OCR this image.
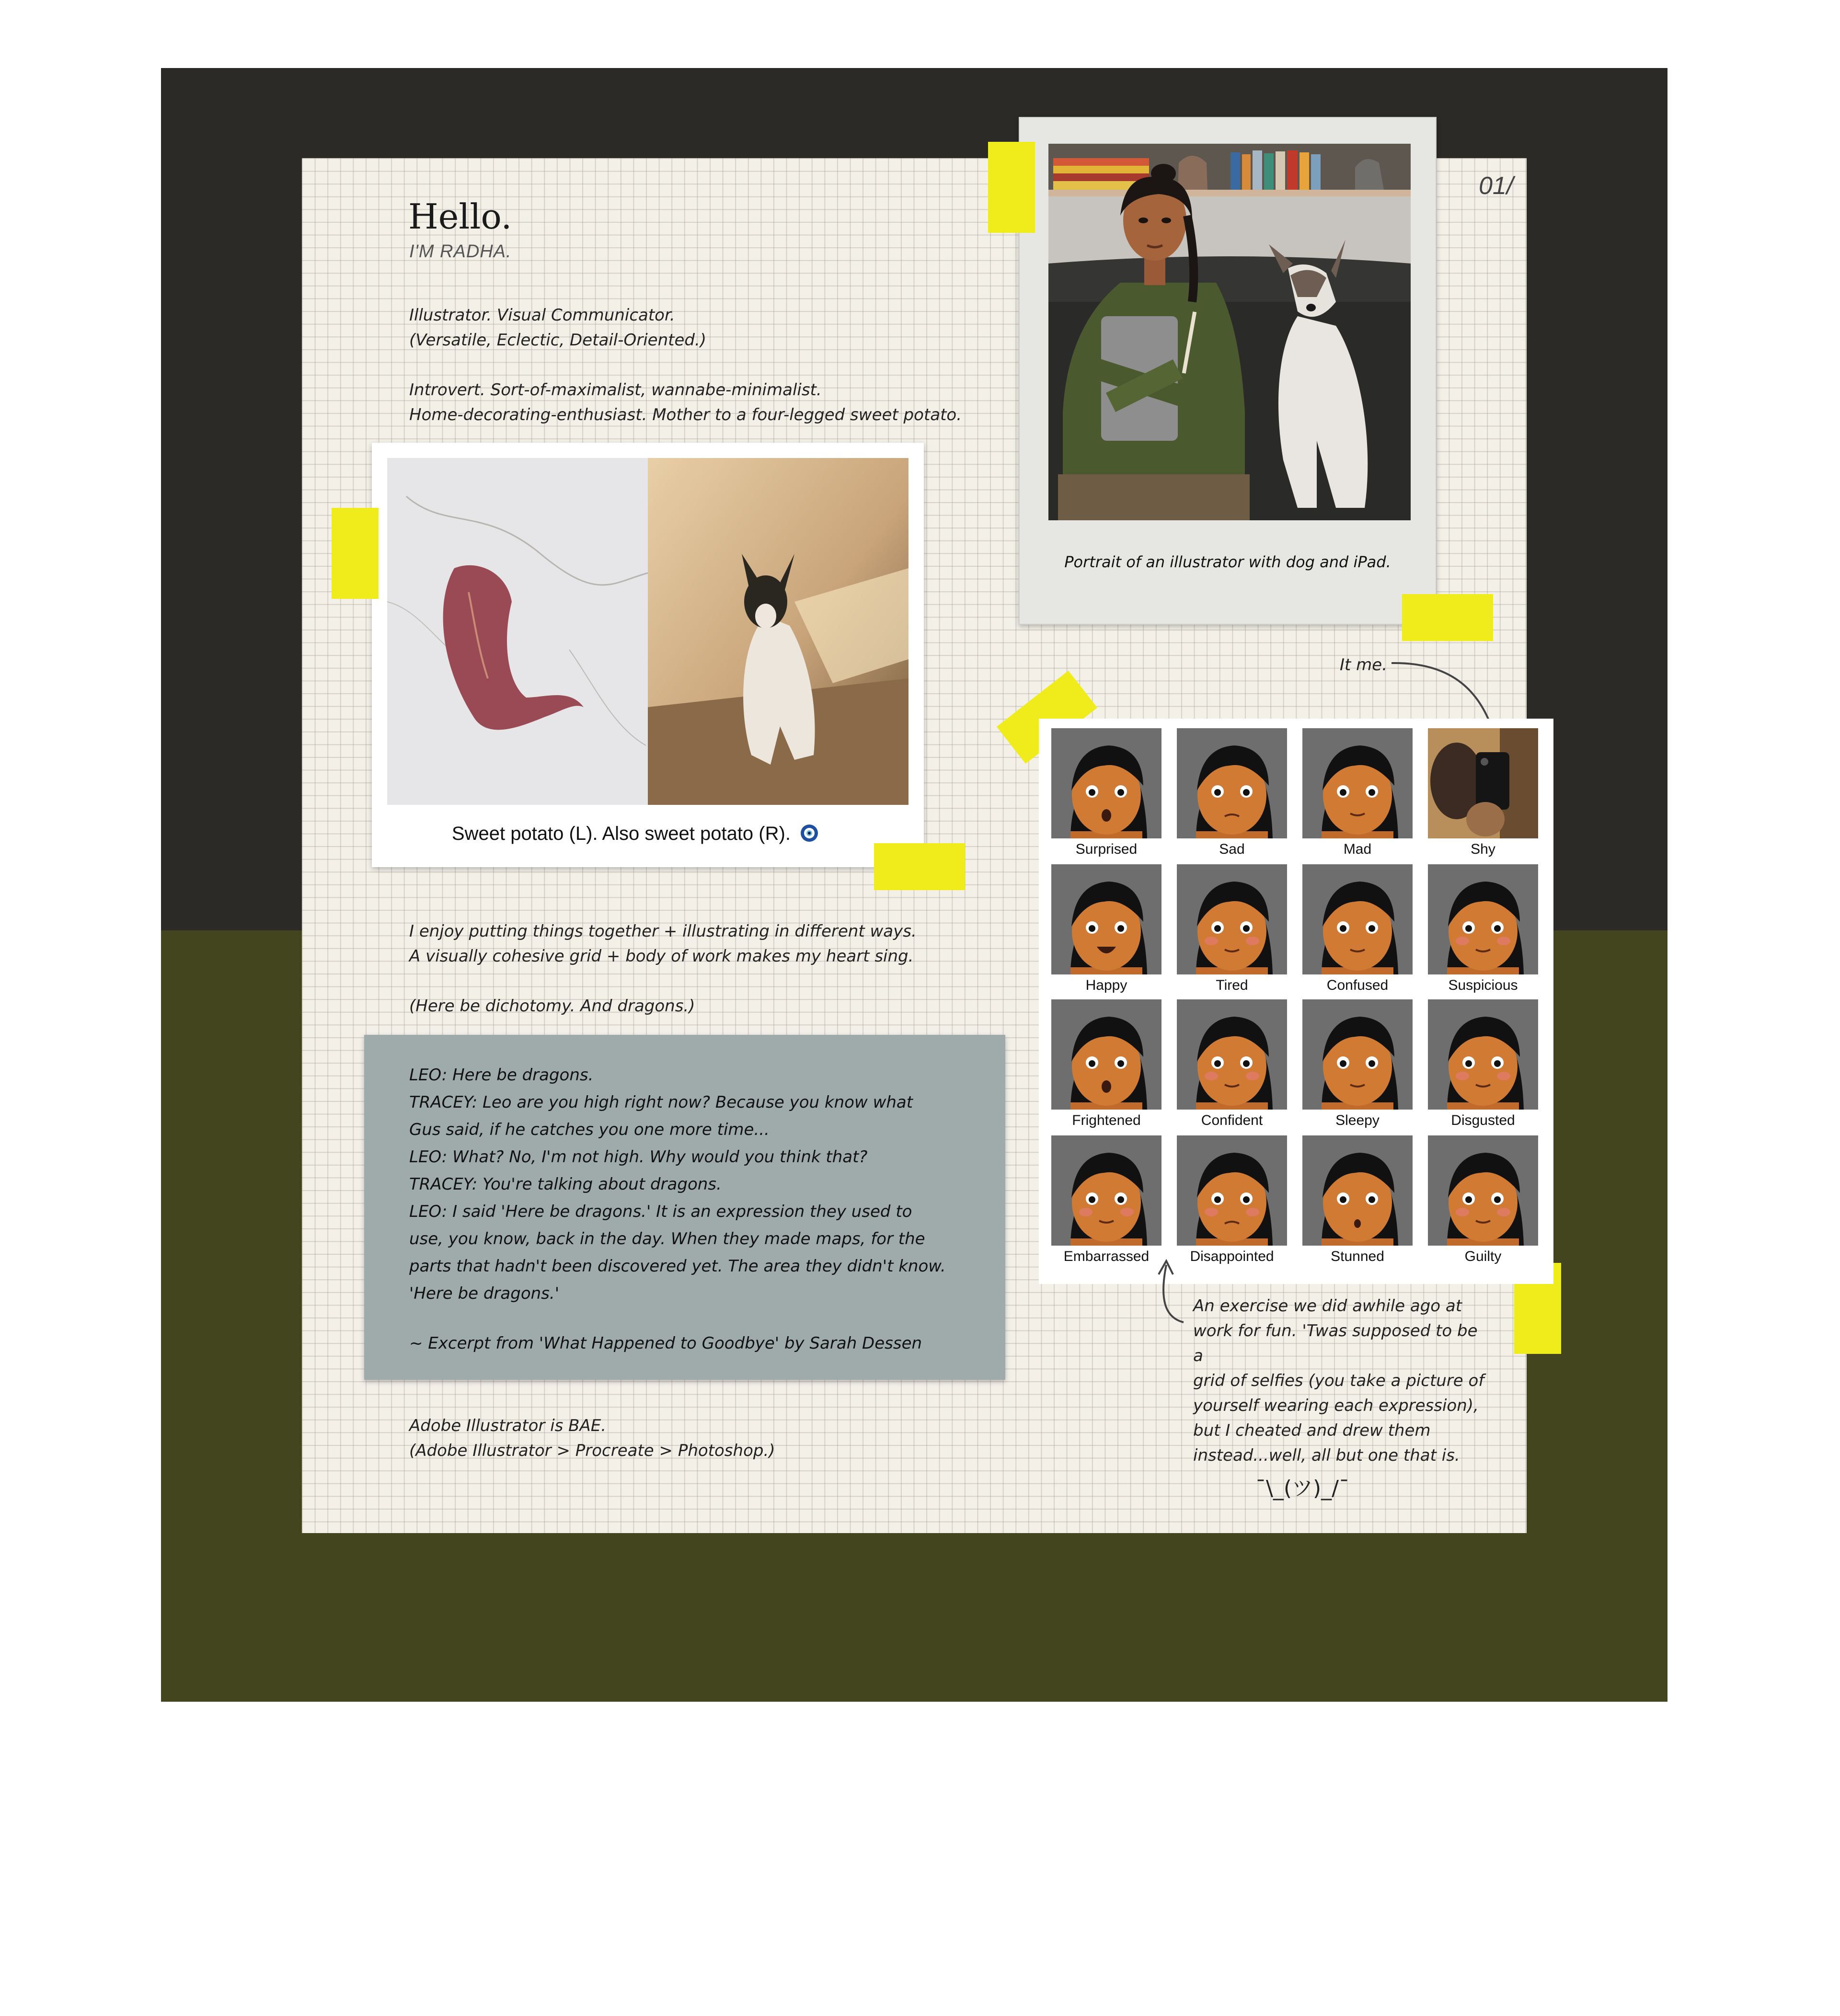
01/
Hello.
I'M RADHA.
Illustrator. Visual Communicator.
(Versatile, Eclectic, Detail-Oriented.)
Introvert. Sort-of-maximalist, wannabe-minimalist.
Home-decorating-enthusiast. Mother to a four-legged sweet potato.
Sweet potato (L). Also sweet potato (R).
Portrait of an illustrator with dog and iPad.
It me.
Surprised	Sad	Mad	Shy
Happy	Tired	Confused	Suspicious
Frightened	Confident	Sleepy	Disgusted
Embarrassed	Disappointed	Stunned	Guilty
An exercise we did awhile ago at
work for fun. 'Twas supposed to be a
grid of selfies (you take a picture of
yourself wearing each expression),
but I cheated and drew them
instead...well, all but one that is.
¯\_(ツ)_/¯
I enjoy putting things together + illustrating in different ways.
A visually cohesive grid + body of work makes my heart sing.
(Here be dichotomy. And dragons.)

LEO: Here be dragons.

TRACEY: Leo are you high right now? Because you know what

Gus said, if he catches you one more time...

LEO: What? No, I'm not high. Why would you think that?

TRACEY: You're talking about dragons.

LEO: I said 'Here be dragons.' It is an expression they used to

use, you know, back in the day. When they made maps, for the

parts that hadn't been discovered yet. The area they didn't know.

'Here be dragons.'

~ Excerpt from 'What Happened to Goodbye' by Sarah Dessen

Adobe Illustrator is BAE.
(Adobe Illustrator > Procreate > Photoshop.)
